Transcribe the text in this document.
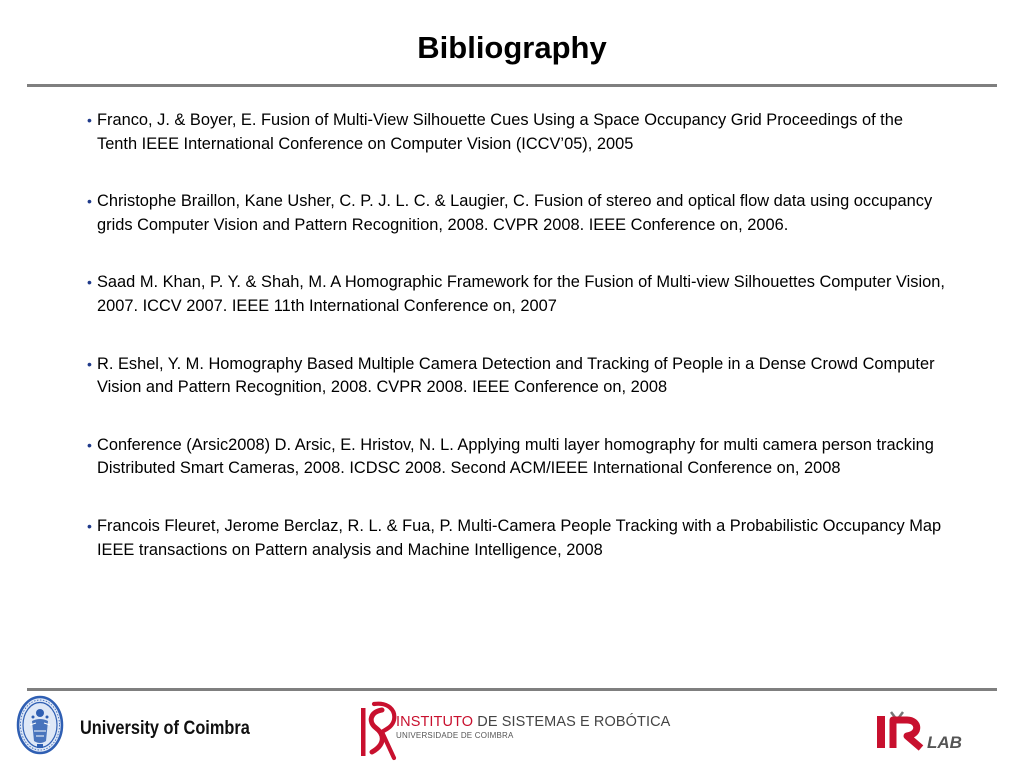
Bibliography
• Franco, J. & Boyer, E. Fusion of Multi-View Silhouette Cues Using a Space Occupancy Grid Proceedings of the Tenth IEEE International Conference on Computer Vision (ICCV’05), 2005
• Christophe Braillon, Kane Usher, C. P. J. L. C. & Laugier, C. Fusion of stereo and optical flow data using occupancy grids Computer Vision and Pattern Recognition, 2008. CVPR 2008. IEEE Conference on, 2006.
• Saad M. Khan, P. Y. & Shah, M. A Homographic Framework for the Fusion of Multi-view Silhouettes Computer Vision, 2007. ICCV 2007. IEEE 11th International Conference on, 2007
• R. Eshel, Y. M. Homography Based Multiple Camera Detection and Tracking of People in a Dense Crowd Computer Vision and Pattern Recognition, 2008. CVPR 2008. IEEE Conference on, 2008
• Conference (Arsic2008) D. Arsic, E. Hristov, N. L. Applying multi layer homography for multi camera person tracking Distributed Smart Cameras, 2008. ICDSC 2008. Second ACM/IEEE International Conference on, 2008
• Francois Fleuret, Jerome Berclaz, R. L. & Fua, P. Multi-Camera People Tracking with a Probabilistic Occupancy Map IEEE transactions on Pattern analysis and Machine Intelligence, 2008
University of Coimbra	INSTITUTO DE SISTEMAS E ROBÓTICA
UNIVERSIDADE DE COIMBRA	LAB
